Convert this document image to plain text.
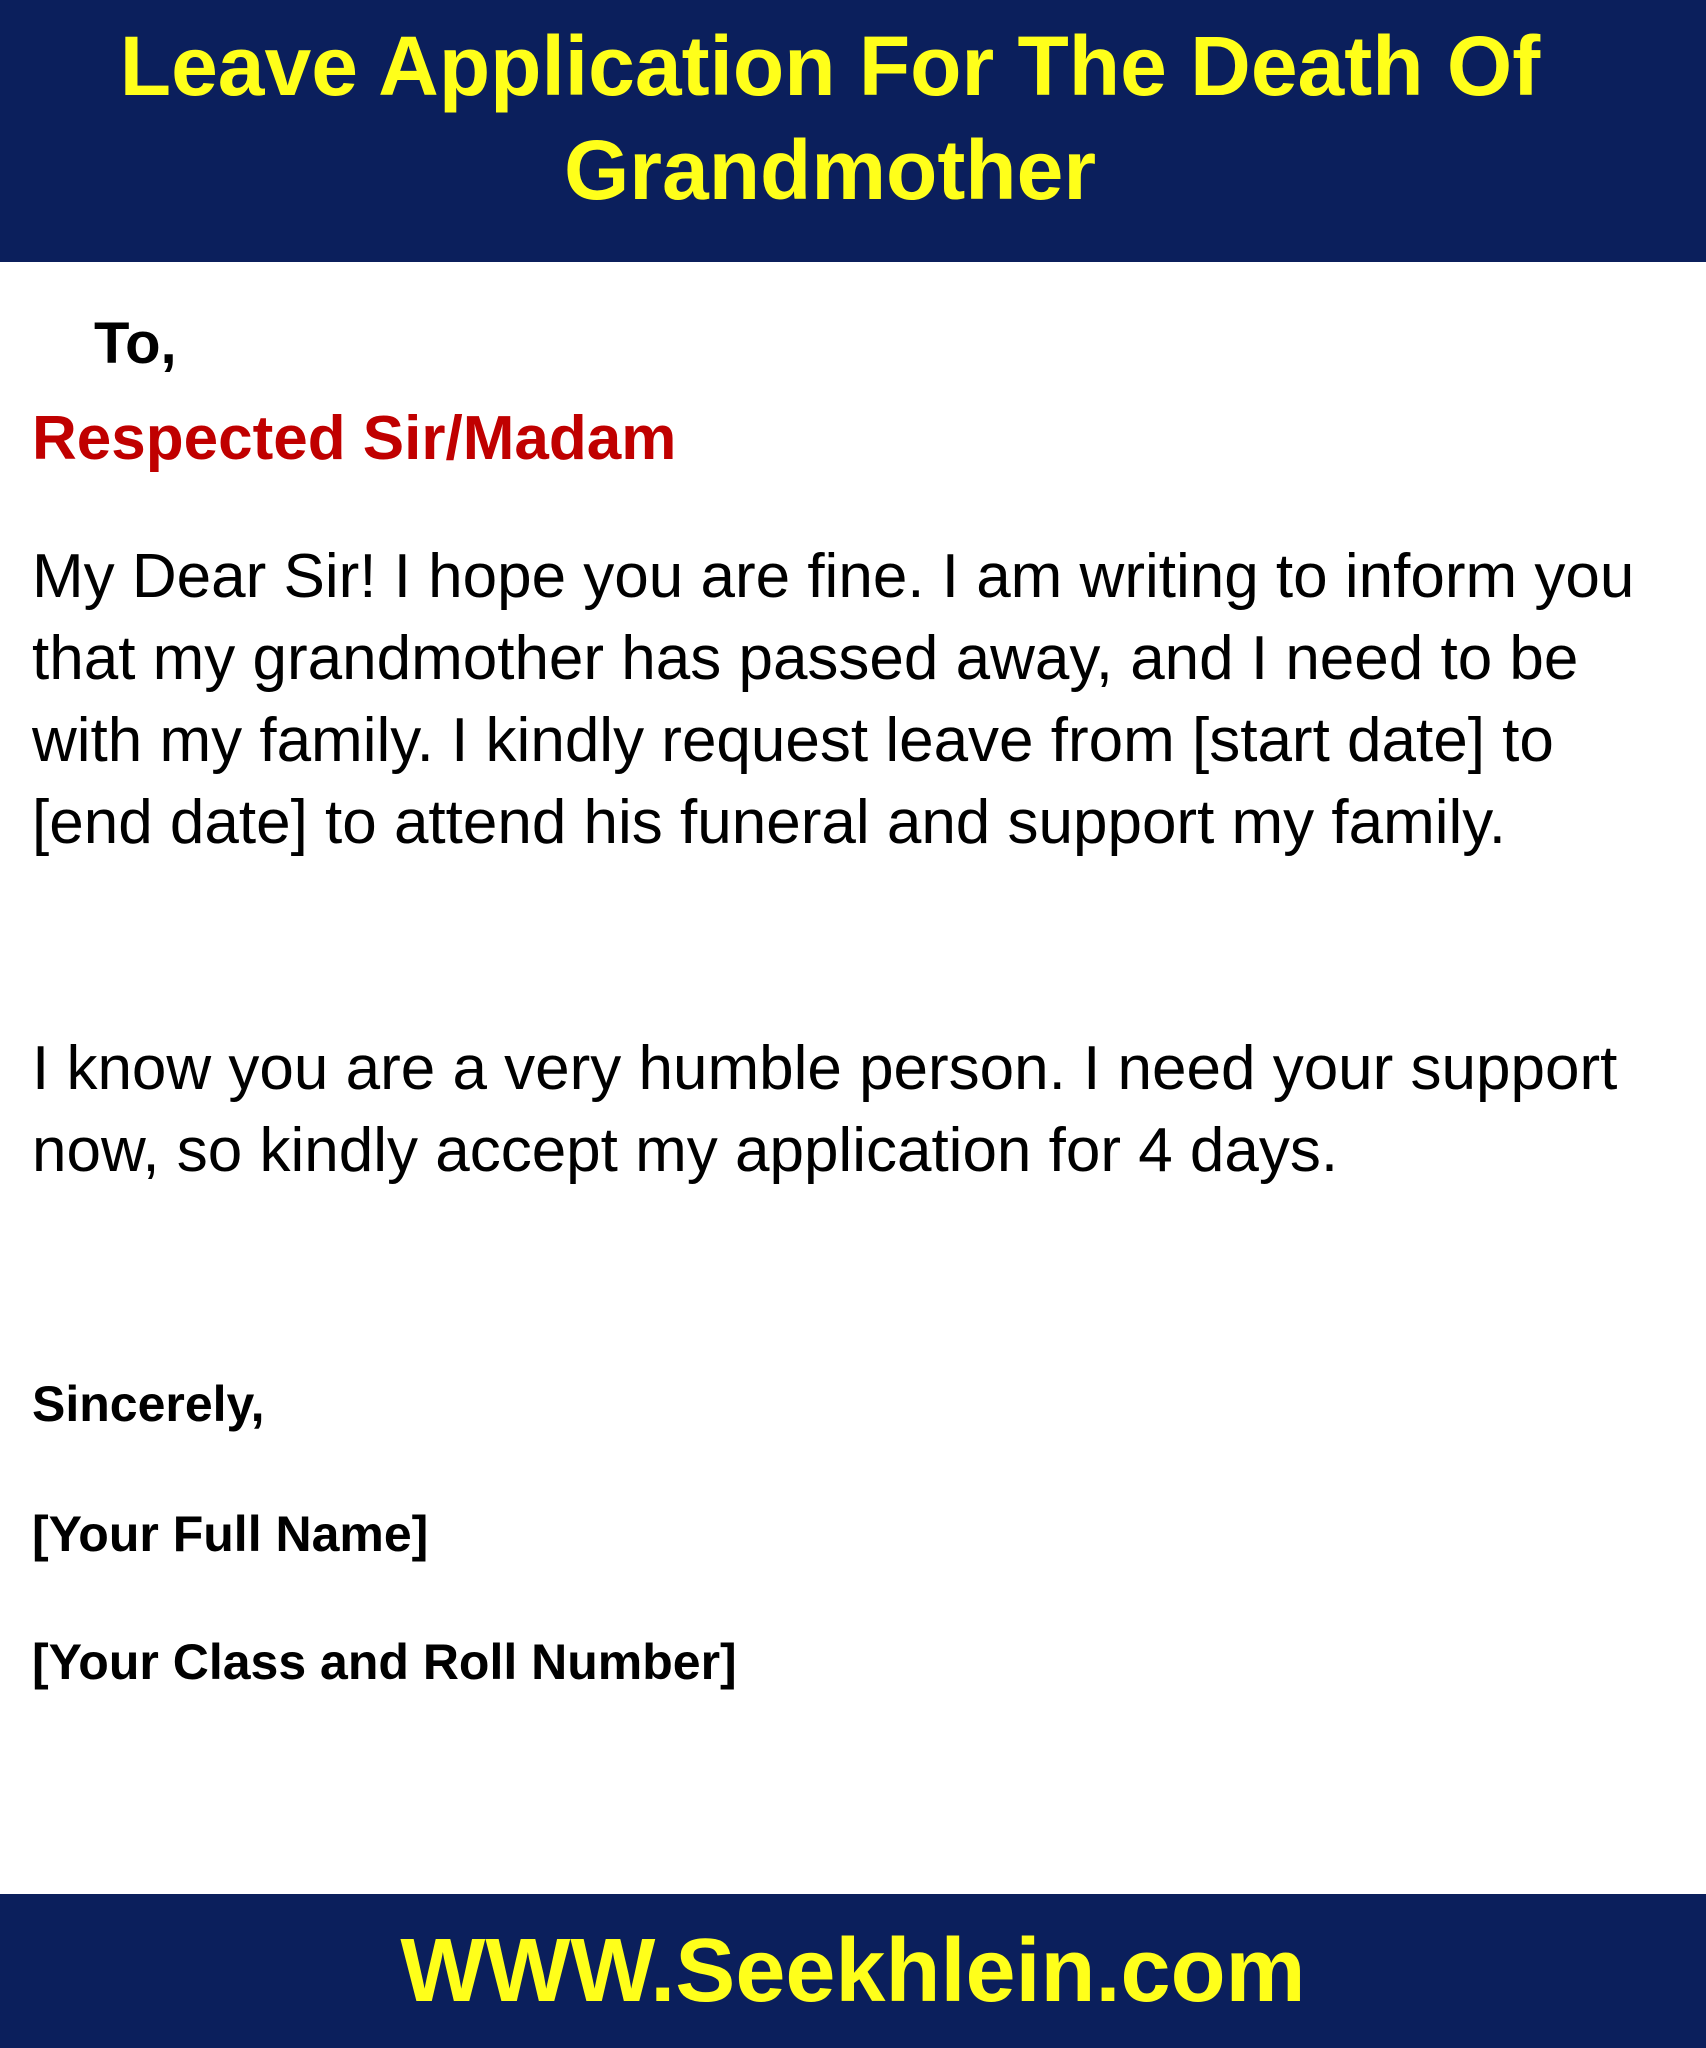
Leave Application For The Death Of Grandmother

To,

Respected Sir/Madam

My Dear Sir! I hope you are fine. I am writing to inform you that my grandmother has passed away, and I need to be with my family. I kindly request leave from [start date] to [end date] to attend his funeral and support my family.

I know you are a very humble person. I need your support now, so kindly accept my application for 4 days.

Sincerely,

[Your Full Name]

[Your Class and Roll Number]

WWW.Seekhlein.com
